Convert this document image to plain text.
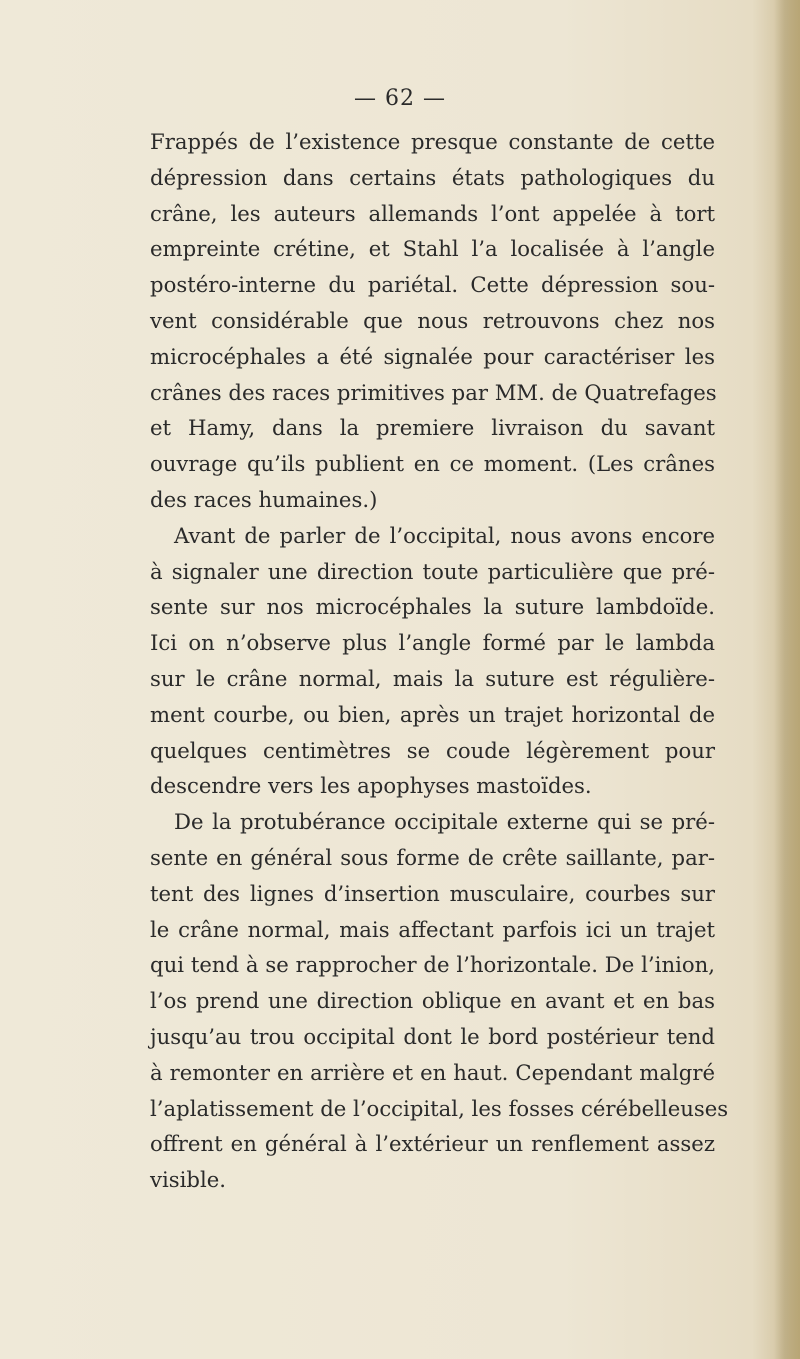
— 62 —
Frappés de l’existence presque constante de cette
dépression dans certains états pathologiques du
crâne, les auteurs allemands l’ont appelée à tort
empreinte crétine, et Stahl l’a localisée à l’angle
postéro-interne du pariétal. Cette dépression sou-
vent considérable que nous retrouvons chez nos
microcéphales a été signalée pour caractériser les
crânes des races primitives par MM. de Quatrefages
et Hamy, dans la premiere livraison du savant
ouvrage qu’ils publient en ce moment. (Les crânes
des races humaines.)
Avant de parler de l’occipital, nous avons encore
à signaler une direction toute particulière que pré-
sente sur nos microcéphales la suture lambdoïde.
Ici on n’observe plus l’angle formé par le lambda
sur le crâne normal, mais la suture est régulière-
ment courbe, ou bien, après un trajet horizontal de
quelques centimètres se coude légèrement pour
descendre vers les apophyses mastoïdes.
De la protubérance occipitale externe qui se pré-
sente en général sous forme de crête saillante, par-
tent des lignes d’insertion musculaire, courbes sur
le crâne normal, mais affectant parfois ici un trajet
qui tend à se rapprocher de l’horizontale. De l’inion,
l’os prend une direction oblique en avant et en bas
jusqu’au trou occipital dont le bord postérieur tend
à remonter en arrière et en haut. Cependant malgré
l’aplatissement de l’occipital, les fosses cérébelleuses
offrent en général à l’extérieur un renflement assez
visible.
